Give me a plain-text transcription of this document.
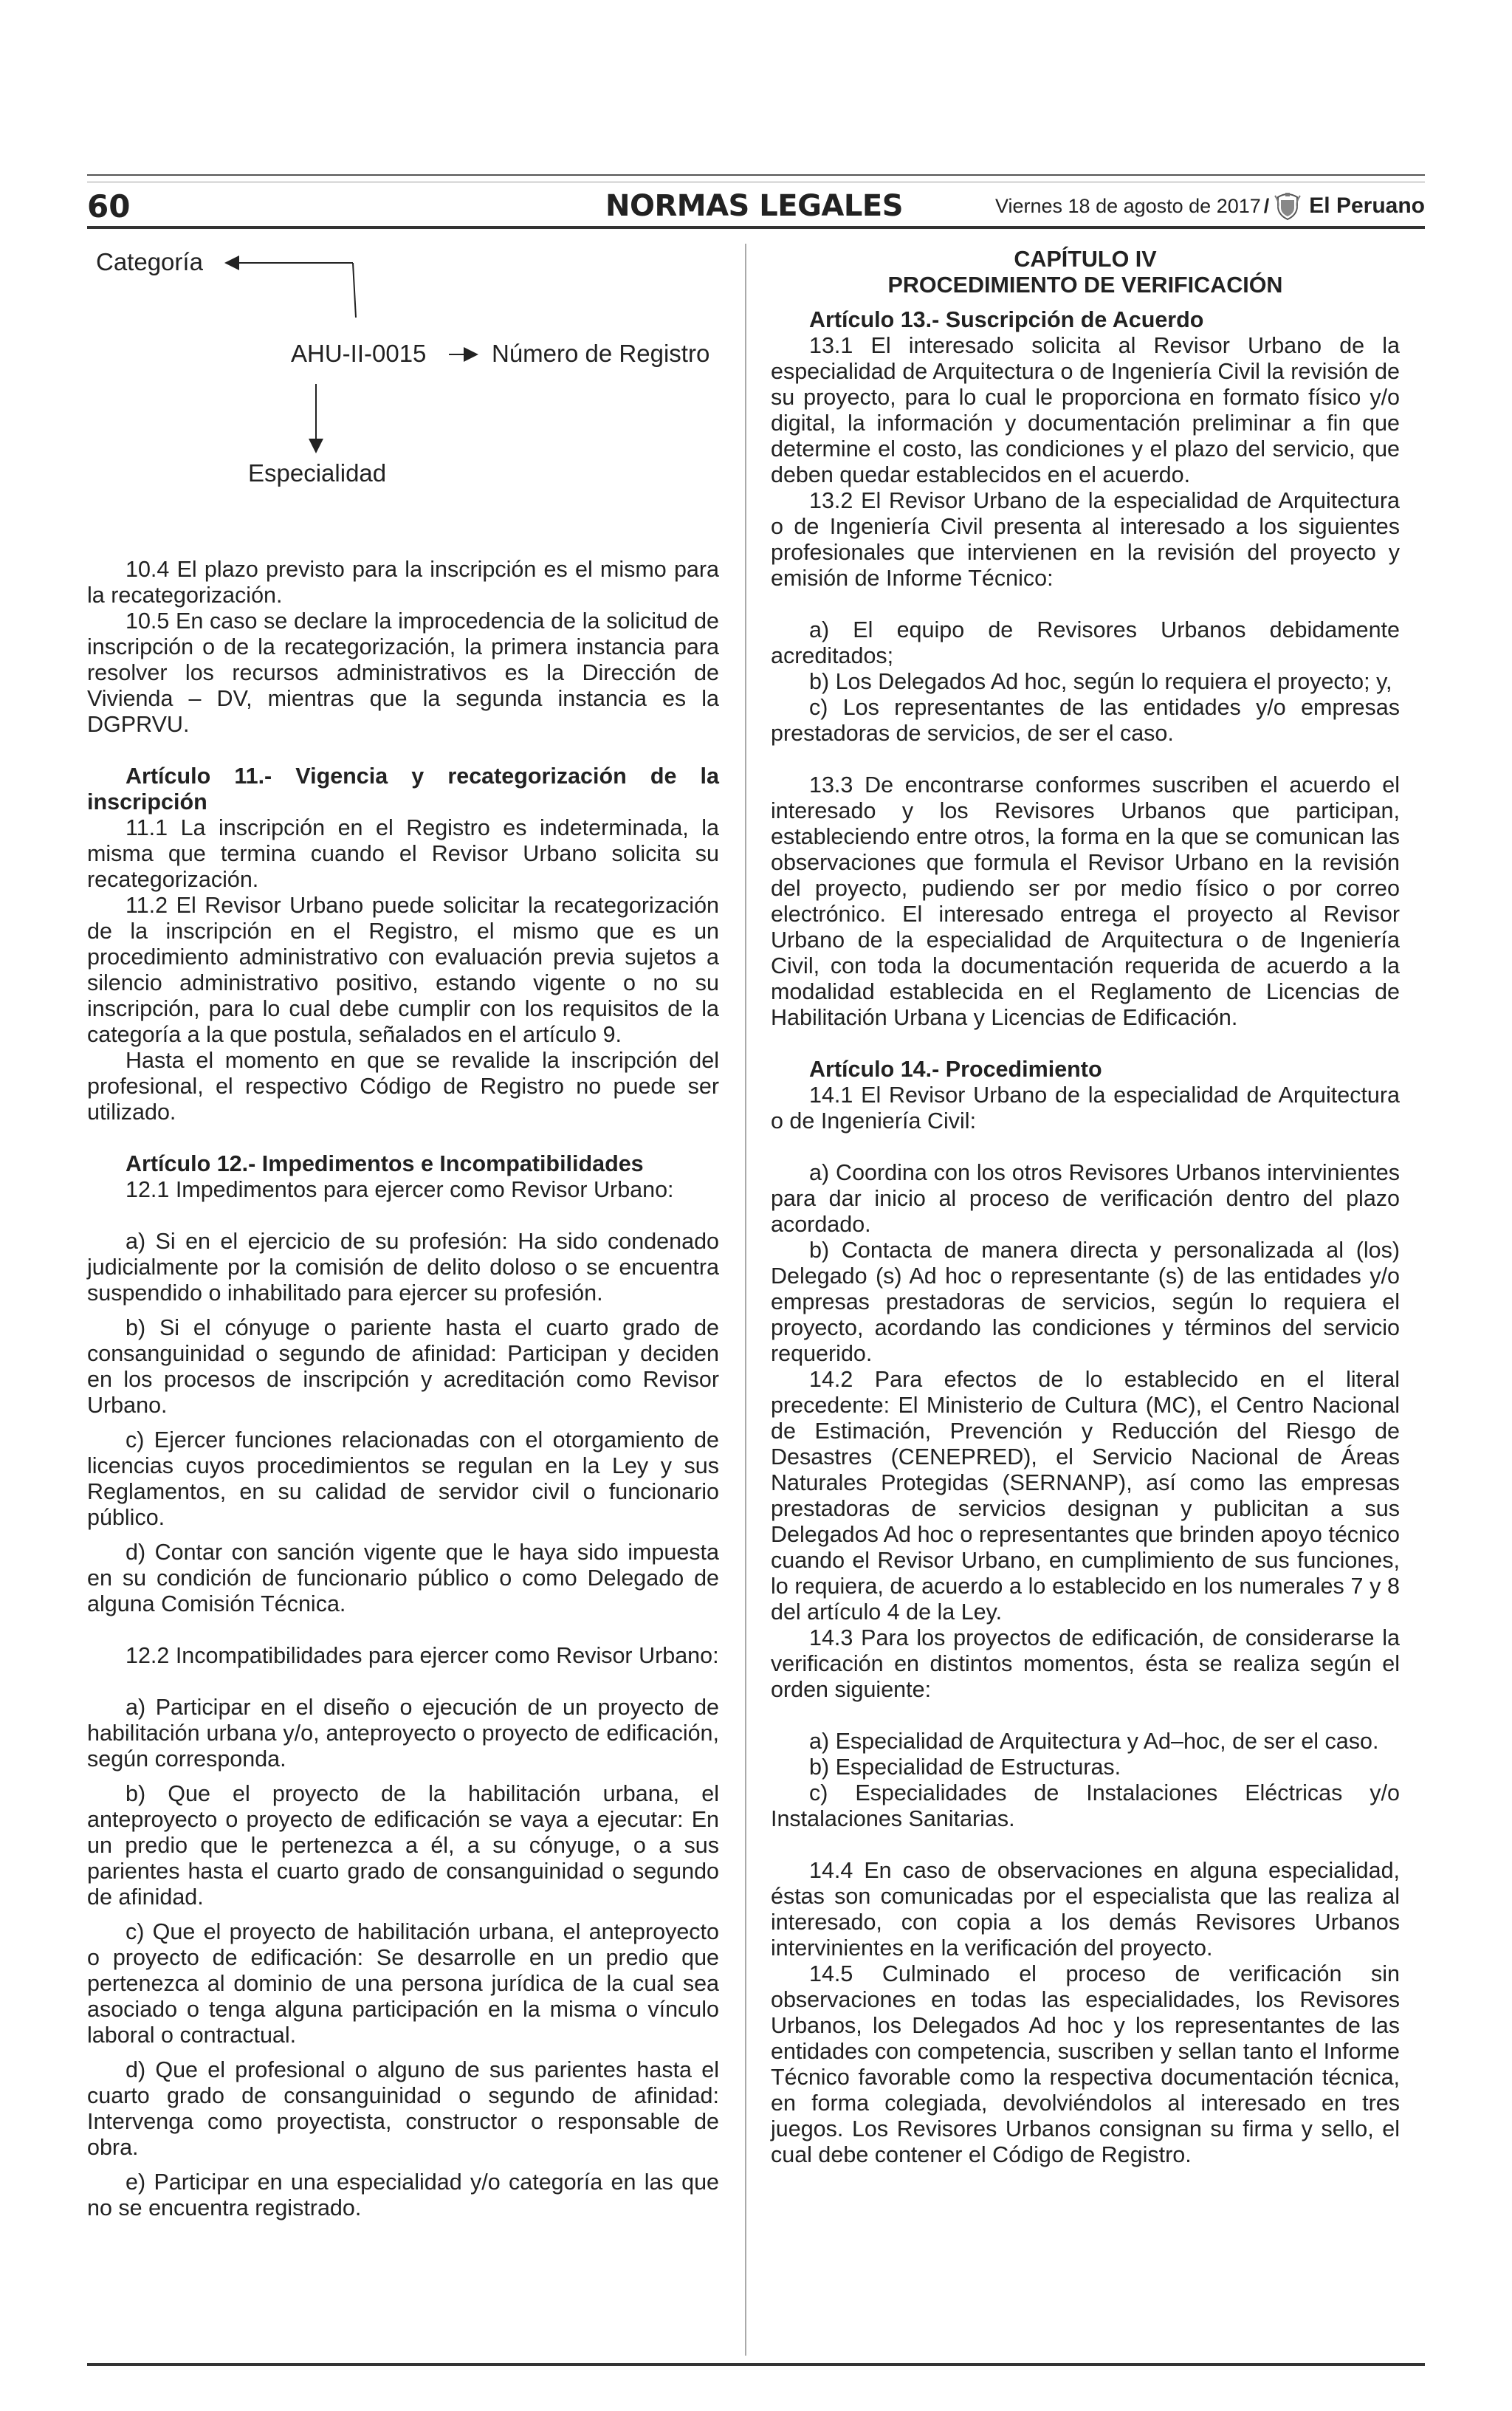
60	NORMAS LEGALES	Viernes 18 de agosto de 2017 / El Peruano
Categoría
AHU-II-0015	Número de Registro
Especialidad

10.4 El plazo previsto para la inscripción es el mismo para la recategorización.

10.5 En caso se declare la improcedencia de la solicitud de inscripción o de la recategorización, la primera instancia para resolver los recursos administrativos es la Dirección de Vivienda – DV, mientras que la segunda instancia es la DGPRVU.

Artículo 11.- Vigencia y recategorización de la inscripción

11.1 La inscripción en el Registro es indeterminada, la misma que termina cuando el Revisor Urbano solicita su recategorización.

11.2 El Revisor Urbano puede solicitar la recategorización de la inscripción en el Registro, el mismo que es un procedimiento administrativo con evaluación previa sujetos a silencio administrativo positivo, estando vigente o no su inscripción, para lo cual debe cumplir con los requisitos de la categoría a la que postula, señalados en el artículo 9.

Hasta el momento en que se revalide la inscripción del profesional, el respectivo Código de Registro no puede ser utilizado.

Artículo 12.- Impedimentos e Incompatibilidades

12.1 Impedimentos para ejercer como Revisor Urbano:

a) Si en el ejercicio de su profesión: Ha sido condenado judicialmente por la comisión de delito doloso o se encuentra suspendido o inhabilitado para ejercer su profesión.

b) Si el cónyuge o pariente hasta el cuarto grado de consanguinidad o segundo de afinidad: Participan y deciden en los procesos de inscripción y acreditación como Revisor Urbano.

c) Ejercer funciones relacionadas con el otorgamiento de licencias cuyos procedimientos se regulan en la Ley y sus Reglamentos, en su calidad de servidor civil o funcionario público.

d) Contar con sanción vigente que le haya sido impuesta en su condición de funcionario público o como Delegado de alguna Comisión Técnica.

12.2 Incompatibilidades para ejercer como Revisor Urbano:

a) Participar en el diseño o ejecución de un proyecto de habilitación urbana y/o, anteproyecto o proyecto de edificación, según corresponda.

b) Que el proyecto de la habilitación urbana, el anteproyecto o proyecto de edificación se vaya a ejecutar: En un predio que le pertenezca a él, a su cónyuge, o a sus parientes hasta el cuarto grado de consanguinidad o segundo de afinidad.

c) Que el proyecto de habilitación urbana, el anteproyecto o proyecto de edificación: Se desarrolle en un predio que pertenezca al dominio de una persona jurídica de la cual sea asociado o tenga alguna participación en la misma o vínculo laboral o contractual.

d) Que el profesional o alguno de sus parientes hasta el cuarto grado de consanguinidad o segundo de afinidad: Intervenga como proyectista, constructor o responsable de obra.

e) Participar en una especialidad y/o categoría en las que no se encuentra registrado.

CAPÍTULO IV

PROCEDIMIENTO DE VERIFICACIÓN

Artículo 13.- Suscripción de Acuerdo

13.1 El interesado solicita al Revisor Urbano de la especialidad de Arquitectura o de Ingeniería Civil la revisión de su proyecto, para lo cual le proporciona en formato físico y/o digital, la información y documentación preliminar a fin que determine el costo, las condiciones y el plazo del servicio, que deben quedar establecidos en el acuerdo.

13.2 El Revisor Urbano de la especialidad de Arquitectura o de Ingeniería Civil presenta al interesado a los siguientes profesionales que intervienen en la revisión del proyecto y emisión de Informe Técnico:

a) El equipo de Revisores Urbanos debidamente acreditados;

b) Los Delegados Ad hoc, según lo requiera el proyecto; y,

c) Los representantes de las entidades y/o empresas prestadoras de servicios, de ser el caso.

13.3 De encontrarse conformes suscriben el acuerdo el interesado y los Revisores Urbanos que participan, estableciendo entre otros, la forma en la que se comunican las observaciones que formula el Revisor Urbano en la revisión del proyecto, pudiendo ser por medio físico o por correo electrónico. El interesado entrega el proyecto al Revisor Urbano de la especialidad de Arquitectura o de Ingeniería Civil, con toda la documentación requerida de acuerdo a la modalidad establecida en el Reglamento de Licencias de Habilitación Urbana y Licencias de Edificación.

Artículo 14.- Procedimiento

14.1 El Revisor Urbano de la especialidad de Arquitectura o de Ingeniería Civil:

a) Coordina con los otros Revisores Urbanos intervinientes para dar inicio al proceso de verificación dentro del plazo acordado.

b) Contacta de manera directa y personalizada al (los) Delegado (s) Ad hoc o representante (s) de las entidades y/o empresas prestadoras de servicios, según lo requiera el proyecto, acordando las condiciones y términos del servicio requerido.

14.2 Para efectos de lo establecido en el literal precedente: El Ministerio de Cultura (MC), el Centro Nacional de Estimación, Prevención y Reducción del Riesgo de Desastres (CENEPRED), el Servicio Nacional de Áreas Naturales Protegidas (SERNANP), así como las empresas prestadoras de servicios designan y publicitan a sus Delegados Ad hoc o representantes que brinden apoyo técnico cuando el Revisor Urbano, en cumplimiento de sus funciones, lo requiera, de acuerdo a lo establecido en los numerales 7 y 8 del artículo 4 de la Ley.

14.3 Para los proyectos de edificación, de considerarse la verificación en distintos momentos, ésta se realiza según el orden siguiente:

a) Especialidad de Arquitectura y Ad–hoc, de ser el caso.

b) Especialidad de Estructuras.

c) Especialidades de Instalaciones Eléctricas y/o Instalaciones Sanitarias.

14.4 En caso de observaciones en alguna especialidad, éstas son comunicadas por el especialista que las realiza al interesado, con copia a los demás Revisores Urbanos intervinientes en la verificación del proyecto.

14.5 Culminado el proceso de verificación sin observaciones en todas las especialidades, los Revisores Urbanos, los Delegados Ad hoc y los representantes de las entidades con competencia, suscriben y sellan tanto el Informe Técnico favorable como la respectiva documentación técnica, en forma colegiada, devolviéndolos al interesado en tres juegos. Los Revisores Urbanos consignan su firma y sello, el cual debe contener el Código de Registro.
